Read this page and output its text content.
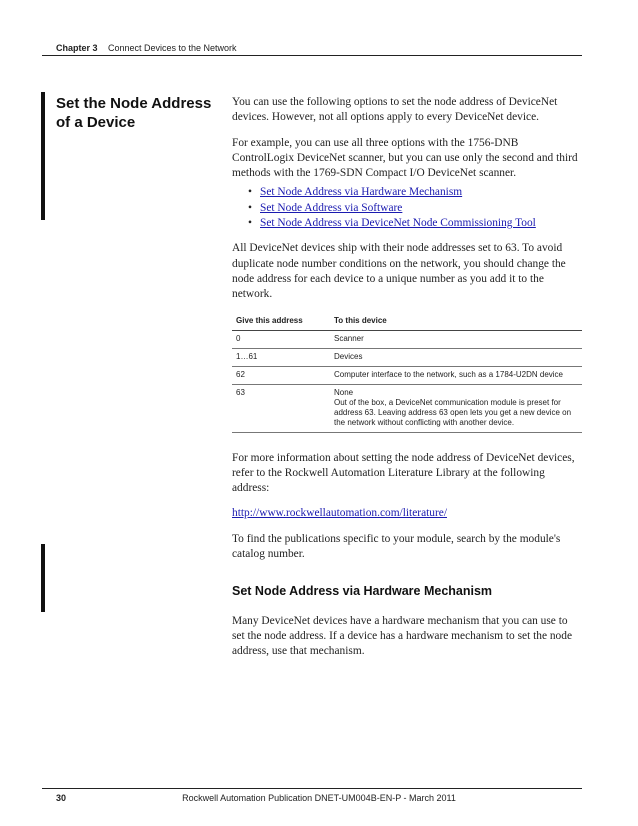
Chapter 3 Connect Devices to the Network
Set the Node Address of a Device

You can use the following options to set the node address of DeviceNet devices. However, not all options apply to every DeviceNet device.

For example, you can use all three options with the 1756-DNB ControlLogix DeviceNet scanner, but you can use only the second and third methods with the 1769-SDN Compact I/O DeviceNet scanner.

• Set Node Address via Hardware Mechanism
• Set Node Address via Software
• Set Node Address via DeviceNet Node Commissioning Tool

All DeviceNet devices ship with their node addresses set to 63. To avoid duplicate node number conditions on the network, you should change the node address for each device to a unique number as you add it to the network.

Give this address	To this device
0	Scanner
1…61	Devices
62	Computer interface to the network, such as a 1784-U2DN device
63	None
Out of the box, a DeviceNet communication module is preset for address 63. Leaving address 63 open lets you get a new device on the network without conflicting with another device.

For more information about setting the node address of DeviceNet devices, refer to the Rockwell Automation Literature Library at the following address:

http://www.rockwellautomation.com/literature/

To find the publications specific to your module, search by the module's catalog number.

Set Node Address via Hardware Mechanism

Many DeviceNet devices have a hardware mechanism that you can use to set the node address. If a device has a hardware mechanism to set the node address, use that mechanism.

30	Rockwell Automation Publication DNET-UM004B-EN-P - March 2011
